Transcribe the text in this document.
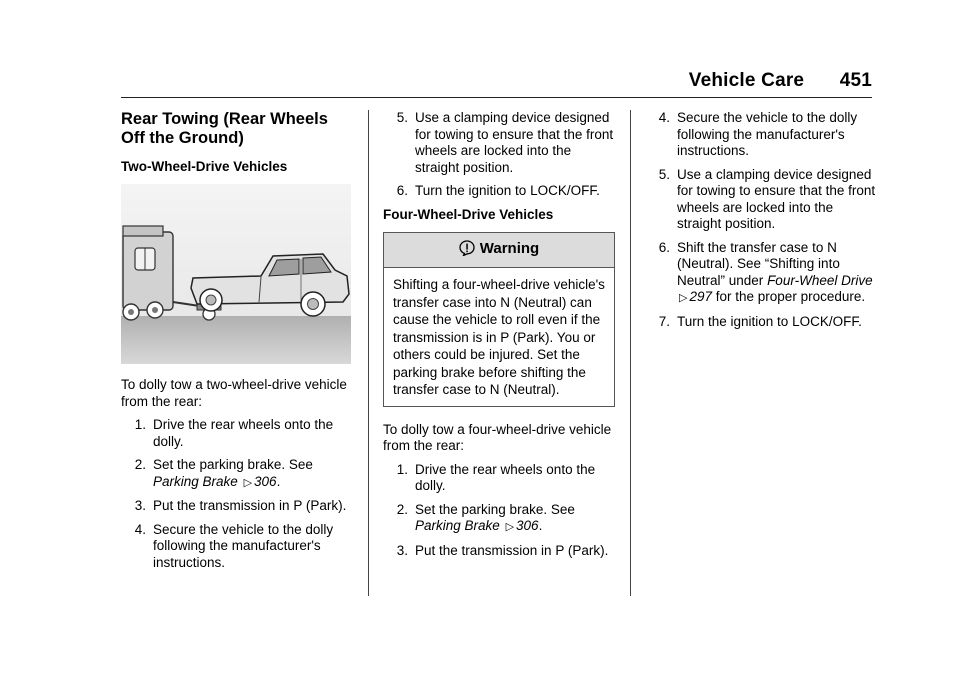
Vehicle Care 451
Rear Towing (Rear Wheels Off the Ground)
Two-Wheel-Drive Vehicles

To dolly tow a two-wheel-drive vehicle from the rear:

1. Drive the rear wheels onto the dolly.
2. Set the parking brake. See Parking Brake ▷ 306.
3. Put the transmission in P (Park).
4. Secure the vehicle to the dolly following the manufacturer's instructions.
5. Use a clamping device designed for towing to ensure that the front wheels are locked into the straight position.
6. Turn the ignition to LOCK/OFF.
Four-Wheel-Drive Vehicles
Warning
Shifting a four-wheel-drive vehicle's transfer case into N (Neutral) can cause the vehicle to roll even if the transmission is in P (Park). You or others could be injured. Set the parking brake before shifting the transfer case to N (Neutral).

To dolly tow a four-wheel-drive vehicle from the rear:

1. Drive the rear wheels onto the dolly.
2. Set the parking brake. See Parking Brake ▷ 306.
3. Put the transmission in P (Park).
4. Secure the vehicle to the dolly following the manufacturer's instructions.
5. Use a clamping device designed for towing to ensure that the front wheels are locked into the straight position.
6. Shift the transfer case to N (Neutral). See “Shifting into Neutral” under Four-Wheel Drive ▷ 297 for the proper procedure.
7. Turn the ignition to LOCK/OFF.
